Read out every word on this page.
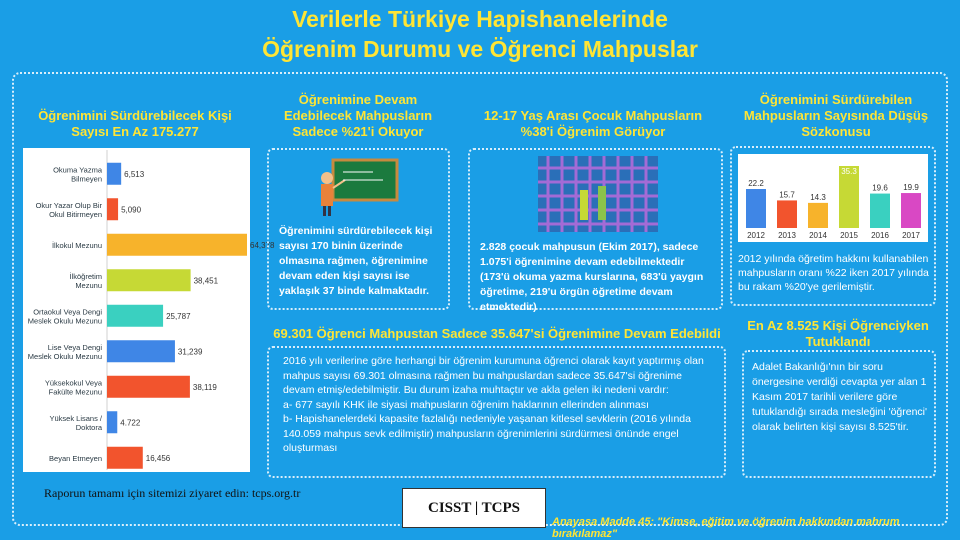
Verilerle Türkiye Hapishanelerinde
Öğrenim Durumu ve Öğrenci Mahpuslar
Öğrenimini Sürdürebilecek Kişi
Sayısı En Az 175.277
Okuma Yazma Bilmeyen	6,513
Okur Yazar Olup Bir Okul Bitirmeyen 5,090
İlkokul Mezunu	64,378
İlköğretim Mezunu	38,451
Ortaokul Veya Dengi Meslek Okulu Mezunu	25,787
Lise Veya Dengi Meslek Okulu Mezunu	31,239
Yüksekokul Veya Fakülte Mezunu	38,119
Yüksek Lisans / Doktora 4.722
Beyan Etmeyen	16,456
Öğrenimine Devam
Edebilecek Mahpusların
Sadece %21'i Okuyor
Öğrenimini sürdürebilecek kişi sayısı 170 binin üzerinde olmasına rağmen, öğrenimine devam eden kişi sayısı ise yaklaşık 37 binde kalmaktadır.
12-17 Yaş Arası Çocuk Mahpusların
%38'i Öğrenim Görüyor
2.828 çocuk mahpusun (Ekim 2017), sadece 1.075'i öğrenimine devam edebilmektedir (173'ü okuma yazma kurslarına, 683'ü yaygın öğretime, 219'u örgün öğretime devam etmektedir)
Öğrenimini Sürdürebilen
Mahpusların Sayısında Düşüş
Sözkonusu
22.2
2012
15.7
2013
14.3
2014
35.3
2015
19.6
2016
19.9
2017
2012 yılında öğretim hakkını kullanabilen mahpusların oranı %22 iken 2017 yılında bu rakam %20'ye gerilemiştir.
69.301 Öğrenci Mahpustan Sadece 35.647'si Öğrenimine Devam Edebildi
2016 yılı verilerine göre herhangi bir öğrenim kurumuna öğrenci olarak kayıt yaptırmış olan mahpus sayısı 69.301 olmasına rağmen bu mahpuslardan sadece 35.647'si öğrenime devam etmiş/edebilmiştir. Bu durum izaha muhtaçtır ve akla gelen iki nedeni vardır:
a- 677 sayılı KHK ile siyasi mahpusların öğrenim haklarının ellerinden alınması
b- Hapishanelerdeki kapasite fazlalığı nedeniyle yaşanan kitlesel sevklerin (2016 yılında 140.059 mahpus sevk edilmiştir) mahpusların öğrenimlerini sürdürmesi önünde engel oluşturması
En Az 8.525 Kişi Öğrenciyken
Tutuklandı
Adalet Bakanlığı'nın bir soru önergesine verdiği cevapta yer alan 1 Kasım 2017 tarihli verilere göre tutuklandığı sırada mesleğini 'öğrenci' olarak belirten kişi sayısı 8.525'tir.
Raporun tamamı için sitemizi ziyaret edin: tcps.org.tr
CISST | TCPS
Anayasa Madde 45: "Kimse, eğitim ve öğrenim hakkından mahrum bırakılamaz"
